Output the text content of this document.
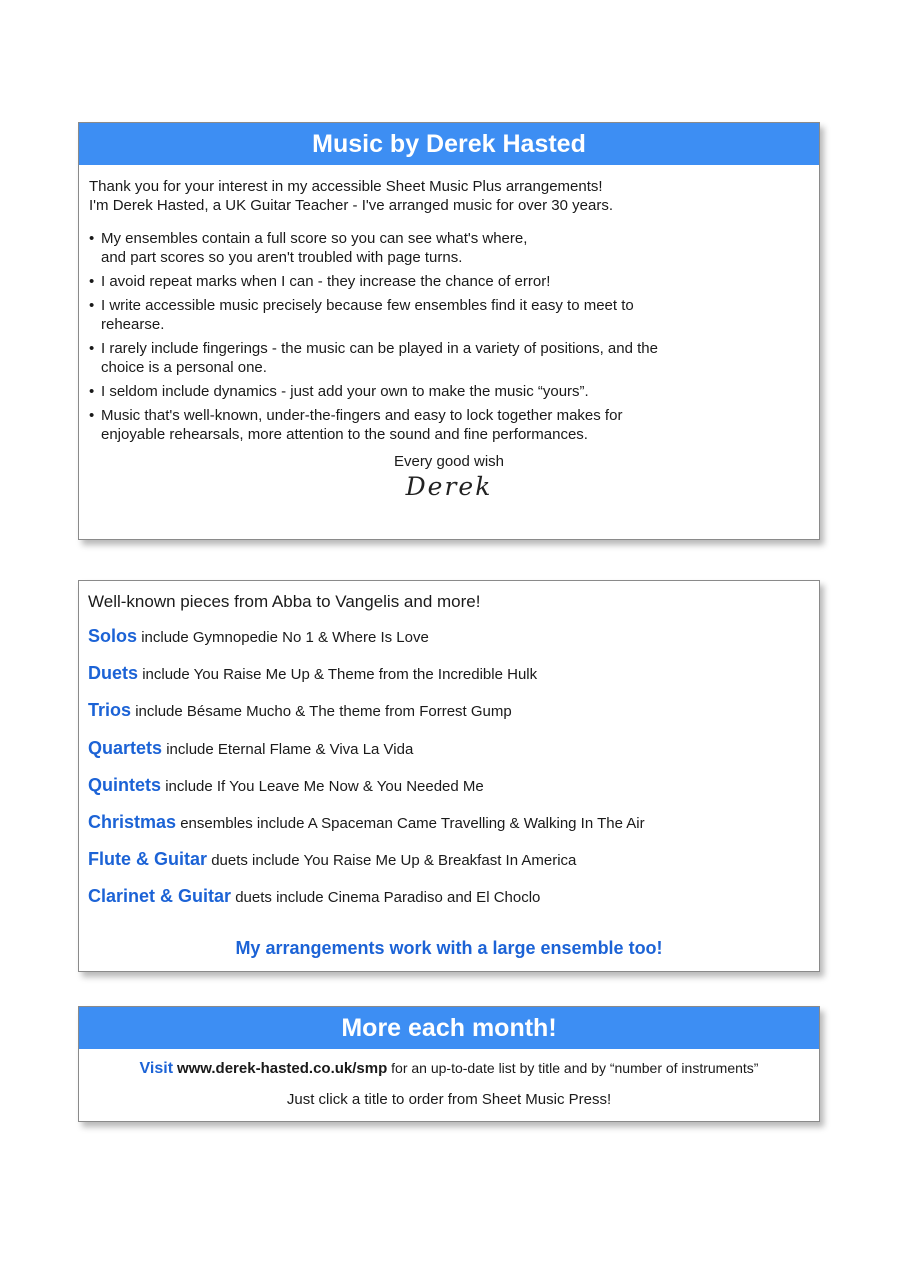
Music by Derek Hasted
Thank you for your interest in my accessible Sheet Music Plus arrangements!
I'm Derek Hasted, a UK Guitar Teacher - I've arranged music for over 30 years.
• My ensembles contain a full score so you can see what's where,
and part scores so you aren't troubled with page turns.
• I avoid repeat marks when I can - they increase the chance of error!
• I write accessible music precisely because few ensembles find it easy to meet to
rehearse.
• I rarely include fingerings - the music can be played in a variety of positions, and the
choice is a personal one.
• I seldom include dynamics - just add your own to make the music “yours”.
• Music that's well-known, under-the-fingers and easy to lock together makes for
enjoyable rehearsals, more attention to the sound and fine performances.
Every good wish
Derek
Well-known pieces from Abba to Vangelis and more!
Solos include Gymnopedie No 1 & Where Is Love
Duets include You Raise Me Up & Theme from the Incredible Hulk
Trios include Bésame Mucho & The theme from Forrest Gump
Quartets include Eternal Flame & Viva La Vida
Quintets include If You Leave Me Now & You Needed Me
Christmas ensembles include A Spaceman Came Travelling & Walking In The Air
Flute & Guitar duets include You Raise Me Up & Breakfast In America
Clarinet & Guitar duets include Cinema Paradiso and El Choclo
My arrangements work with a large ensemble too!
More each month!
Visit www.derek-hasted.co.uk/smp for an up-to-date list by title and by “number of instruments”
Just click a title to order from Sheet Music Press!
